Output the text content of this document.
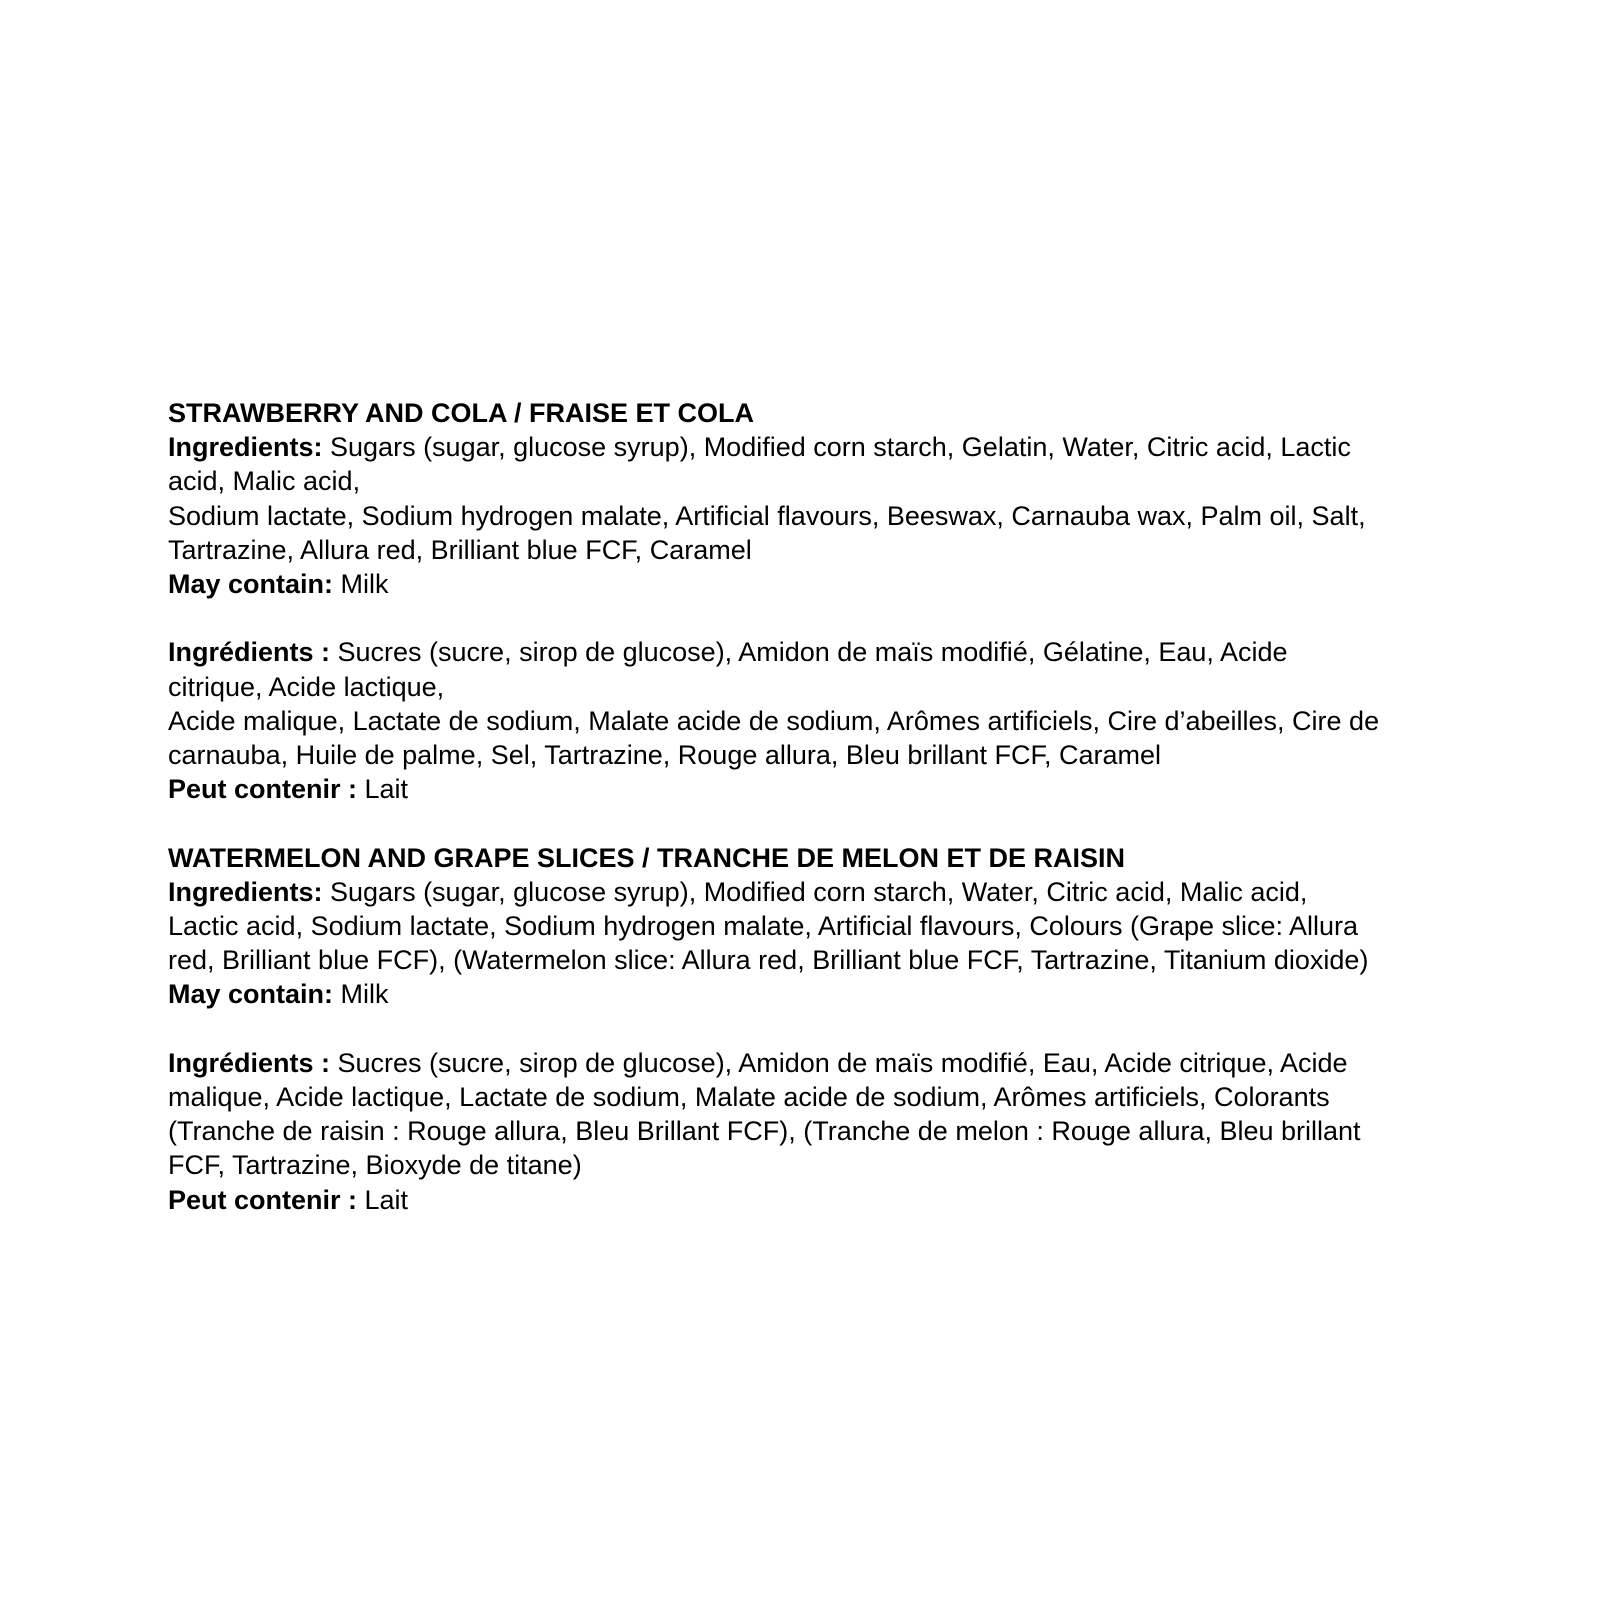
STRAWBERRY AND COLA / FRAISE ET COLA
Ingredients: Sugars (sugar, glucose syrup), Modified corn starch, Gelatin, Water, Citric acid, Lactic
acid, Malic acid,
Sodium lactate, Sodium hydrogen malate, Artificial flavours, Beeswax, Carnauba wax, Palm oil, Salt,
Tartrazine, Allura red, Brilliant blue FCF, Caramel
May contain: Milk
Ingrédients : Sucres (sucre, sirop de glucose), Amidon de maïs modifié, Gélatine, Eau, Acide
citrique, Acide lactique,
Acide malique, Lactate de sodium, Malate acide de sodium, Arômes artificiels, Cire d’abeilles, Cire de
carnauba, Huile de palme, Sel, Tartrazine, Rouge allura, Bleu brillant FCF, Caramel
Peut contenir : Lait
WATERMELON AND GRAPE SLICES / TRANCHE DE MELON ET DE RAISIN
Ingredients: Sugars (sugar, glucose syrup), Modified corn starch, Water, Citric acid, Malic acid,
Lactic acid, Sodium lactate, Sodium hydrogen malate, Artificial flavours, Colours (Grape slice: Allura
red, Brilliant blue FCF), (Watermelon slice: Allura red, Brilliant blue FCF, Tartrazine, Titanium dioxide)
May contain: Milk
Ingrédients : Sucres (sucre, sirop de glucose), Amidon de maïs modifié, Eau, Acide citrique, Acide
malique, Acide lactique, Lactate de sodium, Malate acide de sodium, Arômes artificiels, Colorants
(Tranche de raisin : Rouge allura, Bleu Brillant FCF), (Tranche de melon : Rouge allura, Bleu brillant
FCF, Tartrazine, Bioxyde de titane)
Peut contenir : Lait
